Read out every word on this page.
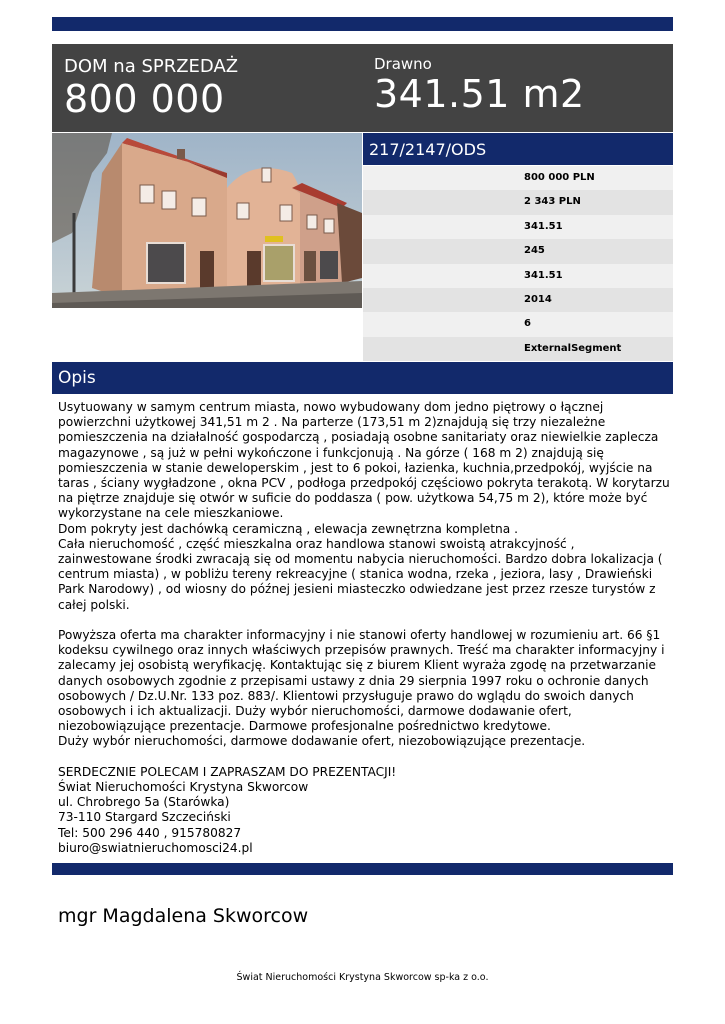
DOM na SPRZEDAŻ
800 000
Drawno
341.51 m2
217/2147/ODS
800 000 PLN
2 343 PLN
341.51
245
341.51
2014
6
ExternalSegment
Opis
Usytuowany w samym centrum miasta, nowo wybudowany dom jedno piętrowy o łącznej powierzchni użytkowej 341,51 m 2 . Na parterze (173,51 m 2)znajdują się trzy niezależne pomieszczenia na działalność gospodarczą , posiadają osobne sanitariaty oraz niewielkie zaplecza magazynowe , są już w pełni wykończone i funkcjonują . Na górze ( 168 m 2) znajdują się pomieszczenia w stanie deweloperskim , jest to 6 pokoi, łazienka, kuchnia,przedpokój, wyjście na taras , ściany wygładzone , okna PCV , podłoga przedpokój częściowo pokryta terakotą. W korytarzu na piętrze znajduje się otwór w suficie do poddasza ( pow. użytkowa 54,75 m 2), które może być wykorzystane na cele mieszkaniowe.
Dom pokryty jest dachówką ceramiczną , elewacja zewnętrzna kompletna .
Cała nieruchomość , część mieszkalna oraz handlowa stanowi swoistą atrakcyjność , zainwestowane środki zwracają się od momentu nabycia nieruchomości. Bardzo dobra lokalizacja ( centrum miasta) , w pobliżu tereny rekreacyjne ( stanica wodna, rzeka , jeziora, lasy , Drawieński Park Narodowy) , od wiosny do późnej jesieni miasteczko odwiedzane jest przez rzesze turystów z całej polski.

Powyższa oferta ma charakter informacyjny i nie stanowi oferty handlowej w rozumieniu art. 66 §1 kodeksu cywilnego oraz innych właściwych przepisów prawnych. Treść ma charakter informacyjny i zalecamy jej osobistą weryfikację. Kontaktując się z biurem Klient wyraża zgodę na przetwarzanie danych osobowych zgodnie z przepisami ustawy z dnia 29 sierpnia 1997 roku o ochronie danych osobowych / Dz.U.Nr. 133 poz. 883/. Klientowi przysługuje prawo do wglądu do swoich danych osobowych i ich aktualizacji. Duży wybór nieruchomości, darmowe dodawanie ofert, niezobowiązujące prezentacje. Darmowe profesjonalne pośrednictwo kredytowe.
Duży wybór nieruchomości, darmowe dodawanie ofert, niezobowiązujące prezentacje.

SERDECZNIE POLECAM I ZAPRASZAM DO PREZENTACJI!
Świat Nieruchomości Krystyna Skworcow
ul. Chrobrego 5a (Starówka)
73-110 Stargard Szczeciński
Tel: 500 296 440 , 915780827
biuro@swiatnieruchomosci24.pl
mgr Magdalena Skworcow
Świat Nieruchomości Krystyna Skworcow sp-ka z o.o.
